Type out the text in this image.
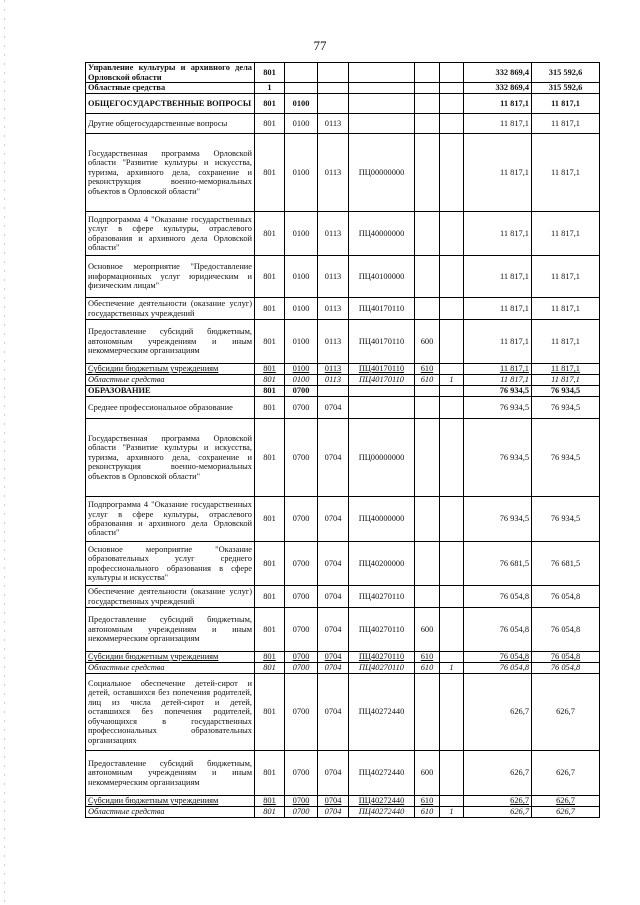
77
Управление культуры и архивного дела Орловской области	801						332 869,4	315 592,6
Областные средства	1						332 869,4	315 592,6
ОБЩЕГОСУДАРСТВЕННЫЕ ВОПРОСЫ	801	0100					11 817,1	11 817,1
Другие общегосударственные вопросы	801	0100	0113				11 817,1	11 817,1
Государственная программа Орловской области "Развитие культуры и искусства, туризма, архивного дела, сохранение и реконструкция военно-мемориальных объектов в Орловской области"	801	0100	0113	ПЦ00000000			11 817,1	11 817,1
Подпрограмма 4 "Оказание государственных услуг в сфере культуры, отраслевого образования и архивного дела Орловской области"	801	0100	0113	ПЦ40000000			11 817,1	11 817,1
Основное мероприятие "Предоставление информационных услуг юридическим и физическим лицам"	801	0100	0113	ПЦ40100000			11 817,1	11 817,1
Обеспечение деятельности (оказание услуг) государственных учреждений	801	0100	0113	ПЦ40170110			11 817,1	11 817,1
Предоставление субсидий бюджетным, автономным учреждениям и иным некоммерческим организациям	801	0100	0113	ПЦ40170110	600		11 817,1	11 817,1
Субсидии бюджетным учреждениям	801	0100	0113	ПЦ40170110	610		11 817,1	11 817,1
Областные средства	801	0100	0113	ПЦ40170110	610	1	11 817,1	11 817,1
ОБРАЗОВАНИЕ	801	0700					76 934,5	76 934,5
Среднее профессиональное образование	801	0700	0704				76 934,5	76 934,5
Государственная программа Орловской области "Развитие культуры и искусства, туризма, архивного дела, сохранение и реконструкция военно-мемориальных объектов в Орловской области"	801	0700	0704	ПЦ00000000			76 934,5	76 934,5
Подпрограмма 4 "Оказание государственных услуг в сфере культуры, отраслевого образования и архивного дела Орловской области"	801	0700	0704	ПЦ40000000			76 934,5	76 934,5
Основное мероприятие "Оказание образовательных услуг среднего профессионального образования в сфере культуры и искусства"	801	0700	0704	ПЦ40200000			76 681,5	76 681,5
Обеспечение деятельности (оказание услуг) государственных учреждений	801	0700	0704	ПЦ40270110			76 054,8	76 054,8
Предоставление субсидий бюджетным, автономным учреждениям и иным некоммерческим организациям	801	0700	0704	ПЦ40270110	600		76 054,8	76 054,8
Субсидии бюджетным учреждениям	801	0700	0704	ПЦ40270110	610		76 054,8	76 054,8
Областные средства	801	0700	0704	ПЦ40270110	610	1	76 054,8	76 054,8
Социальное обеспечение детей-сирот и детей, оставшихся без попечения родителей, лиц из числа детей-сирот и детей, оставшихся без попечения родителей, обучающихся в государственных профессиональных образовательных организациях	801	0700	0704	ПЦ40272440			626,7	626,7
Предоставление субсидий бюджетным, автономным учреждениям и иным некоммерческим организациям	801	0700	0704	ПЦ40272440	600		626,7	626,7
Субсидии бюджетным учреждениям	801	0700	0704	ПЦ40272440	610		626,7	626,7
Областные средства	801	0700	0704	ПЦ40272440	610	1	626,7	626,7
